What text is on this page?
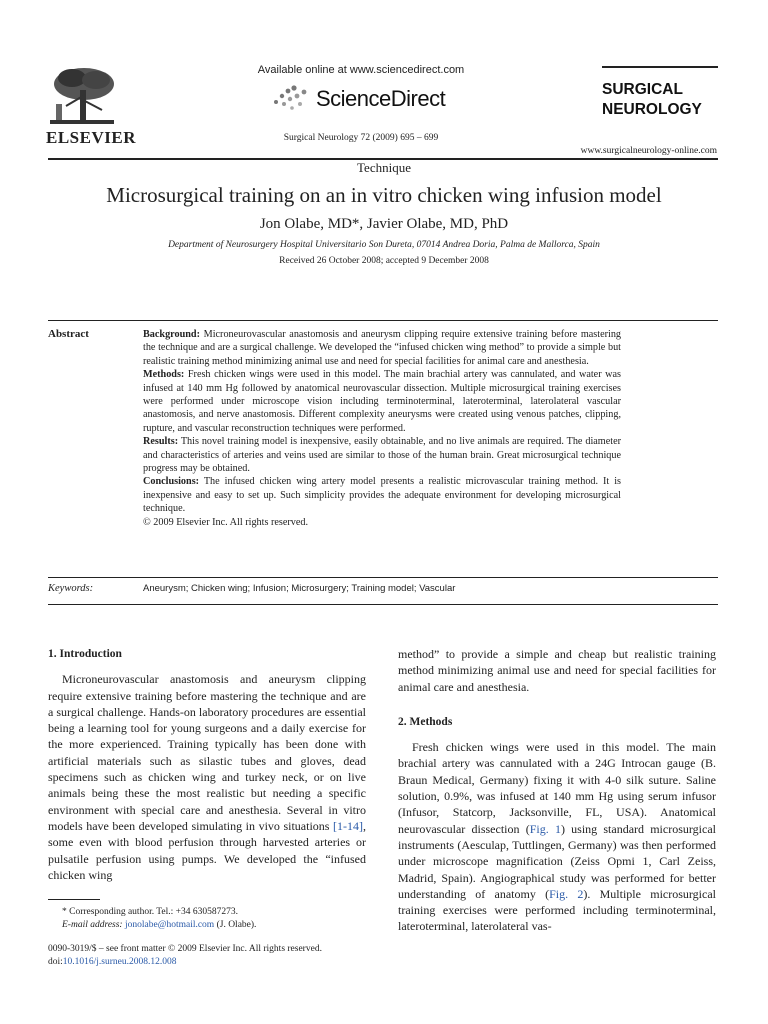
ELSEVIER
Available online at www.sciencedirect.com
ScienceDirect
Surgical Neurology 72 (2009) 695 – 699
SURGICAL
NEUROLOGY
www.surgicalneurology-online.com
Technique
Microsurgical training on an in vitro chicken wing infusion model
Jon Olabe, MD*, Javier Olabe, MD, PhD
Department of Neurosurgery Hospital Universitario Son Dureta, 07014 Andrea Doria, Palma de Mallorca, Spain
Received 26 October 2008; accepted 9 December 2008
Abstract	Background: Microneurovascular anastomosis and aneurysm clipping require extensive training before mastering the technique and are a surgical challenge. We developed the “infused chicken wing method” to provide a simple but realistic training method minimizing animal use and need for special facilities for animal care and anesthesia.

Methods: Fresh chicken wings were used in this model. The main brachial artery was cannulated, and water was infused at 140 mm Hg followed by anatomical neurovascular dissection. Multiple microsurgical training exercises were performed under microscope vision including terminoterminal, lateroterminal, laterolateral vascular anastomosis, and nerve anastomosis. Different complexity aneurysms were created using venous patches, clipping, rupture, and vascular reconstruction techniques were performed.

Results: This novel training model is inexpensive, easily obtainable, and no live animals are required. The diameter and characteristics of arteries and veins used are similar to those of the human brain. Great microsurgical technique progress may be obtained.

Conclusions: The infused chicken wing artery model presents a realistic microvascular training method. It is inexpensive and easy to set up. Such simplicity provides the adequate environment for developing microsurgical technique.

© 2009 Elsevier Inc. All rights reserved.

Keywords:	Aneurysm; Chicken wing; Infusion; Microsurgery; Training model; Vascular

1. Introduction

Microneurovascular anastomosis and aneurysm clipping require extensive training before mastering the technique and are a surgical challenge. Hands-on laboratory procedures are essential being a learning tool for young surgeons and a daily exercise for the more experienced. Training typically has been done with artificial materials such as silastic tubes and gloves, dead specimens such as chicken wing and turkey neck, or on live animals being these the most realistic but needing a specific environment with special care and anesthesia. Several in vitro models have been developed simulating in vivo situations [1-14], some even with blood perfusion through harvested arteries or pulsatile perfusion using pumps. We developed the “infused chicken wing

method” to provide a simple and cheap but realistic training method minimizing animal use and need for special facilities for animal care and anesthesia.

2. Methods

Fresh chicken wings were used in this model. The main brachial artery was cannulated with a 24G Introcan gauge (B. Braun Medical, Germany) fixing it with 4-0 silk suture. Saline solution, 0.9%, was infused at 140 mm Hg using serum infusor (Infusor, Statcorp, Jacksonville, FL, USA). Anatomical neurovascular dissection (Fig. 1) using standard microsurgical instruments (Aesculap, Tuttlingen, Germany) was then performed under microscope magnification (Zeiss Opmi 1, Carl Zeiss, Madrid, Spain). Angiographical study was performed for better understanding of anatomy (Fig. 2). Multiple microsurgical training exercises were performed including terminoterminal, lateroterminal, laterolateral vas-

* Corresponding author. Tel.: +34 630587273.
E-mail address: jonolabe@hotmail.com (J. Olabe).
0090-3019/$ – see front matter © 2009 Elsevier Inc. All rights reserved.
doi:10.1016/j.surneu.2008.12.008
